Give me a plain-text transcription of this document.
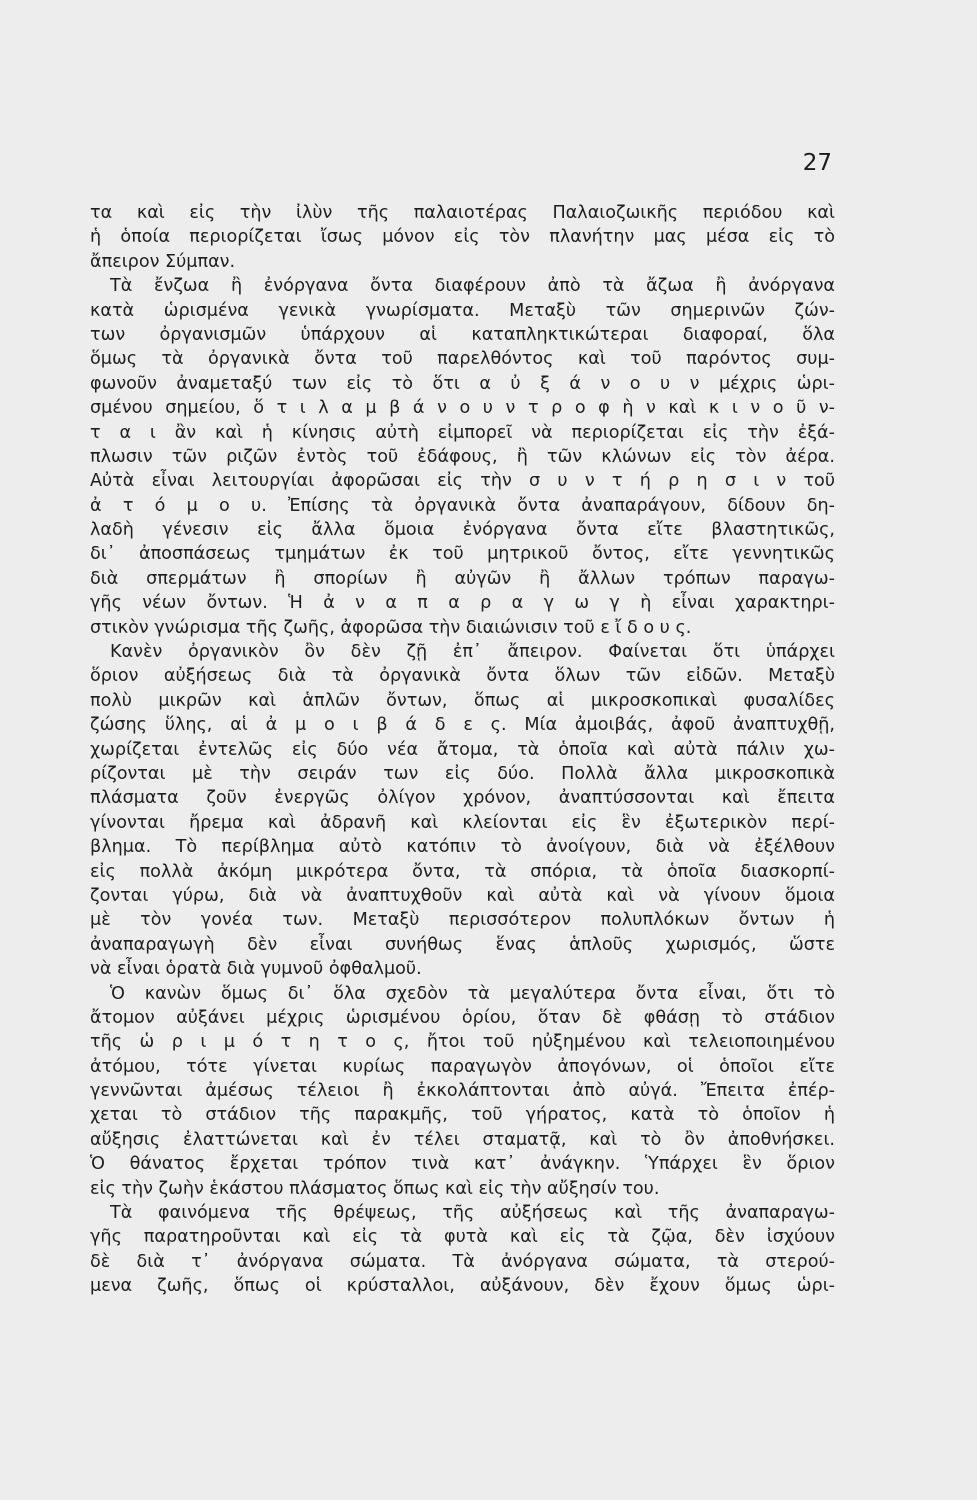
27
τα καὶ εἰς τὴν ἰλὺν τῆς παλαιοτέρας Παλαιοζωικῆς περιόδου καὶ
ἡ ὁποία περιορίζεται ἴσως μόνον εἰς τὸν πλανήτην μας μέσα εἰς τὸ
ἄπειρον Σύμπαν.
Τὰ ἔνζωα ἢ ἐνόργανα ὄντα διαφέρουν ἀπὸ τὰ ἄζωα ἢ ἀνόργανα
κατὰ ὡρισμένα γενικὰ γνωρίσματα. Μεταξὺ τῶν σημερινῶν ζών-
των ὀργανισμῶν ὑπάρχουν αἱ καταπληκτικώτεραι διαφοραί, ὅλα
ὅμως τὰ ὀργανικὰ ὄντα τοῦ παρελθόντος καὶ τοῦ παρόντος συμ-
φωνοῦν ἀναμεταξύ των εἰς τὸ ὅτι α ὐ ξ ά ν ο υ ν μέχρις ὡρι-
σμένου σημείου, ὅ τ ι λ α μ β ά ν ο υ ν τ ρ ο φ ὴ ν καὶ κ ι ν ο ῦ ν-
τ α ι ἂν καὶ ἡ κίνησις αὐτὴ εἰμπορεῖ νὰ περιορίζεται εἰς τὴν ἐξά-
πλωσιν τῶν ριζῶν ἐντὸς τοῦ ἐδάφους, ἢ τῶν κλώνων εἰς τὸν ἀέρα.
Αὐτὰ εἶναι λειτουργίαι ἀφορῶσαι εἰς τὴν σ υ ν τ ή ρ η σ ι ν τοῦ
ἀ τ ό μ ο υ. Ἐπίσης τὰ ὀργανικὰ ὄντα ἀναπαράγουν, δίδουν δη-
λαδὴ γένεσιν εἰς ἄλλα ὅμοια ἐνόργανα ὄντα εἴτε βλαστητικῶς,
δι᾽ ἀποσπάσεως τμημάτων ἐκ τοῦ μητρικοῦ ὄντος, εἴτε γεννητικῶς
διὰ σπερμάτων ἢ σπορίων ἢ αὐγῶν ἢ ἄλλων τρόπων παραγω-
γῆς νέων ὄντων. Ἡ ἀ ν α π α ρ α γ ω γ ὴ εἶναι χαρακτηρι-
στικὸν γνώρισμα τῆς ζωῆς, ἀφορῶσα τὴν διαιώνισιν τοῦ ε ἴ δ ο υ ς.
Κανὲν ὀργανικὸν ὂν δὲν ζῇ ἐπ᾽ ἄπειρον. Φαίνεται ὅτι ὑπάρχει
ὅριον αὐξήσεως διὰ τὰ ὀργανικὰ ὄντα ὅλων τῶν εἰδῶν. Μεταξὺ
πολὺ μικρῶν καὶ ἁπλῶν ὄντων, ὅπως αἱ μικροσκοπικαὶ φυσαλίδες
ζώσης ὕλης, αἱ ἀ μ ο ι β ά δ ε ς. Μία ἀμοιβάς, ἀφοῦ ἀναπτυχθῇ,
χωρίζεται ἐντελῶς εἰς δύο νέα ἄτομα, τὰ ὁποῖα καὶ αὐτὰ πάλιν χω-
ρίζονται μὲ τὴν σειράν των εἰς δύο. Πολλὰ ἄλλα μικροσκοπικὰ
πλάσματα ζοῦν ἐνεργῶς ὀλίγον χρόνον, ἀναπτύσσονται καὶ ἔπειτα
γίνονται ἤρεμα καὶ ἀδρανῆ καὶ κλείονται εἰς ἓν ἐξωτερικὸν περί-
βλημα. Τὸ περίβλημα αὐτὸ κατόπιν τὸ ἀνοίγουν, διὰ νὰ ἐξέλθουν
εἰς πολλὰ ἀκόμη μικρότερα ὄντα, τὰ σπόρια, τὰ ὁποῖα διασκορπί-
ζονται γύρω, διὰ νὰ ἀναπτυχθοῦν καὶ αὐτὰ καὶ νὰ γίνουν ὅμοια
μὲ τὸν γονέα των. Μεταξὺ περισσότερον πολυπλόκων ὄντων ἡ
ἀναπαραγωγὴ δὲν εἶναι συνήθως ἕνας ἁπλοῦς χωρισμός, ὥστε
νὰ εἶναι ὁρατὰ διὰ γυμνοῦ ὀφθαλμοῦ.
Ὁ κανὼν ὅμως δι᾽ ὅλα σχεδὸν τὰ μεγαλύτερα ὄντα εἶναι, ὅτι τὸ
ἄτομον αὐξάνει μέχρις ὡρισμένου ὁρίου, ὅταν δὲ φθάσῃ τὸ στάδιον
τῆς ὡ ρ ι μ ό τ η τ ο ς, ἤτοι τοῦ ηὐξημένου καὶ τελειοποιημένου
ἀτόμου, τότε γίνεται κυρίως παραγωγὸν ἀπογόνων, οἱ ὁποῖοι εἴτε
γεννῶνται ἀμέσως τέλειοι ἢ ἐκκολάπτονται ἀπὸ αὐγά. Ἔπειτα ἐπέρ-
χεται τὸ στάδιον τῆς παρακμῆς, τοῦ γήρατος, κατὰ τὸ ὁποῖον ἡ
αὔξησις ἐλαττώνεται καὶ ἐν τέλει σταματᾷ, καὶ τὸ ὂν ἀποθνήσκει.
Ὁ θάνατος ἔρχεται τρόπον τινὰ κατ᾽ ἀνάγκην. Ὑπάρχει ἓν ὅριον
εἰς τὴν ζωὴν ἑκάστου πλάσματος ὅπως καὶ εἰς τὴν αὔξησίν του.
Τὰ φαινόμενα τῆς θρέψεως, τῆς αὐξήσεως καὶ τῆς ἀναπαραγω-
γῆς παρατηροῦνται καὶ εἰς τὰ φυτὰ καὶ εἰς τὰ ζῷα, δὲν ἰσχύουν
δὲ διὰ τ᾽ ἀνόργανα σώματα. Τὰ ἀνόργανα σώματα, τὰ στερού-
μενα ζωῆς, ὅπως οἱ κρύσταλλοι, αὐξάνουν, δὲν ἔχουν ὅμως ὡρι-
